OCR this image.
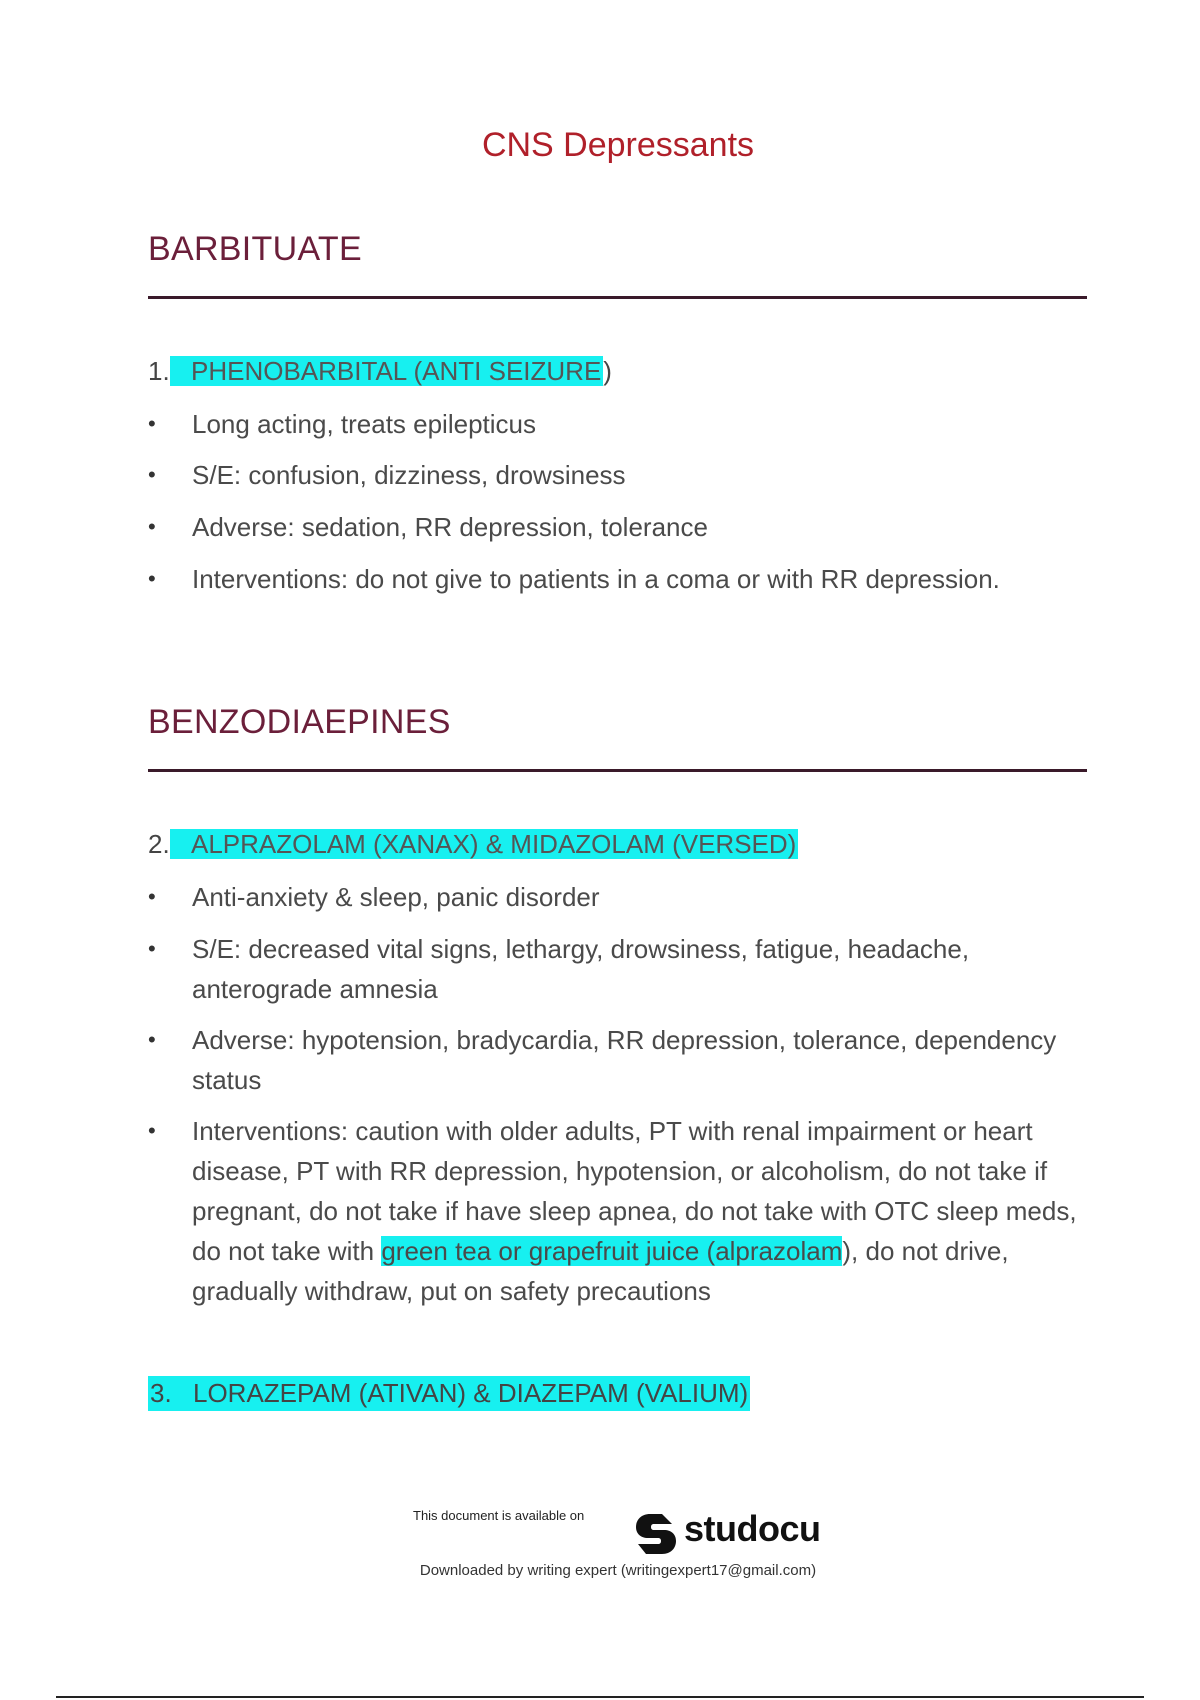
CNS Depressants
BARBITUATE
1. PHENOBARBITAL (ANTI SEIZURE)
•	Long acting, treats epilepticus
•	S/E: confusion, dizziness, drowsiness
•	Adverse: sedation, RR depression, tolerance
•	Interventions: do not give to patients in a coma or with RR depression.
BENZODIAEPINES
2. ALPRAZOLAM (XANAX) & MIDAZOLAM (VERSED)
•	Anti-anxiety & sleep, panic disorder
•	S/E: decreased vital signs, lethargy, drowsiness, fatigue, headache, anterograde amnesia
•	Adverse: hypotension, bradycardia, RR depression, tolerance, dependency status
•	Interventions: caution with older adults, PT with renal impairment or heart disease, PT with RR depression, hypotension, or alcoholism, do not take if pregnant, do not take if have sleep apnea, do not take with OTC sleep meds, do not take with green tea or grapefruit juice (alprazolam), do not drive, gradually withdraw, put on safety precautions
3. LORAZEPAM (ATIVAN) & DIAZEPAM (VALIUM)
This document is available on	studocu
Downloaded by writing expert (writingexpert17@gmail.com)
